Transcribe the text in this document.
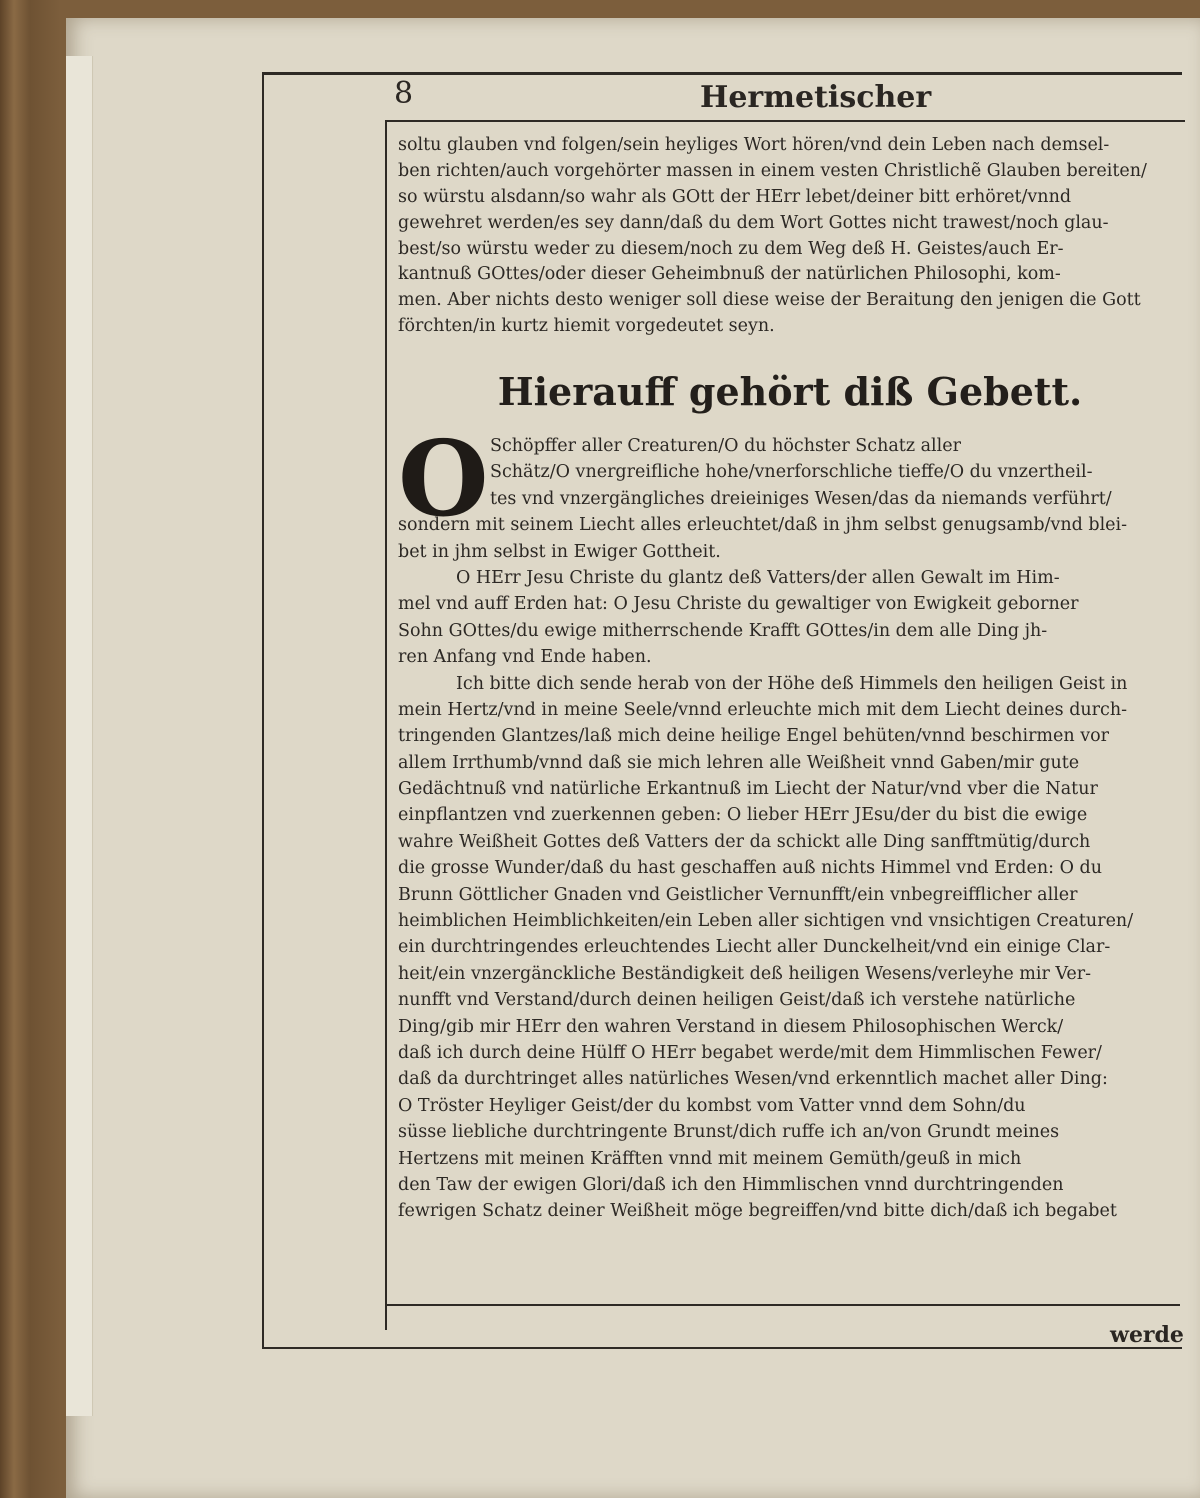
8	Hermetischer
soltu glauben vnd folgen/sein heyliges Wort hören/vnd dein Leben nach demsel-
ben richten/auch vorgehörter massen in einem vesten Christlichẽ Glauben bereiten/
so würstu alsdann/so wahr als GOtt der HErr lebet/deiner bitt erhöret/vnnd
gewehret werden/es sey dann/daß du dem Wort Gottes nicht trawest/noch glau-
best/so würstu weder zu diesem/noch zu dem Weg deß H. Geistes/auch Er-
kantnuß GOttes/oder dieser Geheimbnuß der natürlichen Philosophi, kom-
men. Aber nichts desto weniger soll diese weise der Beraitung den jenigen die Gott
förchten/in kurtz hiemit vorgedeutet seyn.
Hierauff gehört diß Gebett.
O Schöpffer aller Creaturen/O du höchster Schatz aller
Schätz/O vnergreifliche hohe/vnerforschliche tieffe/O du vnzertheil-
tes vnd vnzergängliches dreieiniges Wesen/das da niemands verführt/
sondern mit seinem Liecht alles erleuchtet/daß in jhm selbst genugsamb/vnd blei-
bet in jhm selbst in Ewiger Gottheit.
O HErr Jesu Christe du glantz deß Vatters/der allen Gewalt im Him-
mel vnd auff Erden hat: O Jesu Christe du gewaltiger von Ewigkeit geborner
Sohn GOttes/du ewige mitherrschende Krafft GOttes/in dem alle Ding jh-
ren Anfang vnd Ende haben.
Ich bitte dich sende herab von der Höhe deß Himmels den heiligen Geist in
mein Hertz/vnd in meine Seele/vnnd erleuchte mich mit dem Liecht deines durch-
tringenden Glantzes/laß mich deine heilige Engel behüten/vnnd beschirmen vor
allem Irrthumb/vnnd daß sie mich lehren alle Weißheit vnnd Gaben/mir gute
Gedächtnuß vnd natürliche Erkantnuß im Liecht der Natur/vnd vber die Natur
einpflantzen vnd zuerkennen geben: O lieber HErr JEsu/der du bist die ewige
wahre Weißheit Gottes deß Vatters der da schickt alle Ding sanfftmütig/durch
die grosse Wunder/daß du hast geschaffen auß nichts Himmel vnd Erden: O du
Brunn Göttlicher Gnaden vnd Geistlicher Vernunfft/ein vnbegreifflicher aller
heimblichen Heimblichkeiten/ein Leben aller sichtigen vnd vnsichtigen Creaturen/
ein durchtringendes erleuchtendes Liecht aller Dunckelheit/vnd ein einige Clar-
heit/ein vnzergänckliche Beständigkeit deß heiligen Wesens/verleyhe mir Ver-
nunfft vnd Verstand/durch deinen heiligen Geist/daß ich verstehe natürliche
Ding/gib mir HErr den wahren Verstand in diesem Philosophischen Werck/
daß ich durch deine Hülff O HErr begabet werde/mit dem Himmlischen Fewer/
daß da durchtringet alles natürliches Wesen/vnd erkenntlich machet aller Ding:
O Tröster Heyliger Geist/der du kombst vom Vatter vnnd dem Sohn/du
süsse liebliche durchtringente Brunst/dich ruffe ich an/von Grundt meines
Hertzens mit meinen Kräfften vnnd mit meinem Gemüth/geuß in mich
den Taw der ewigen Glori/daß ich den Himmlischen vnnd durchtringenden
fewrigen Schatz deiner Weißheit möge begreiffen/vnd bitte dich/daß ich begabet
werde
